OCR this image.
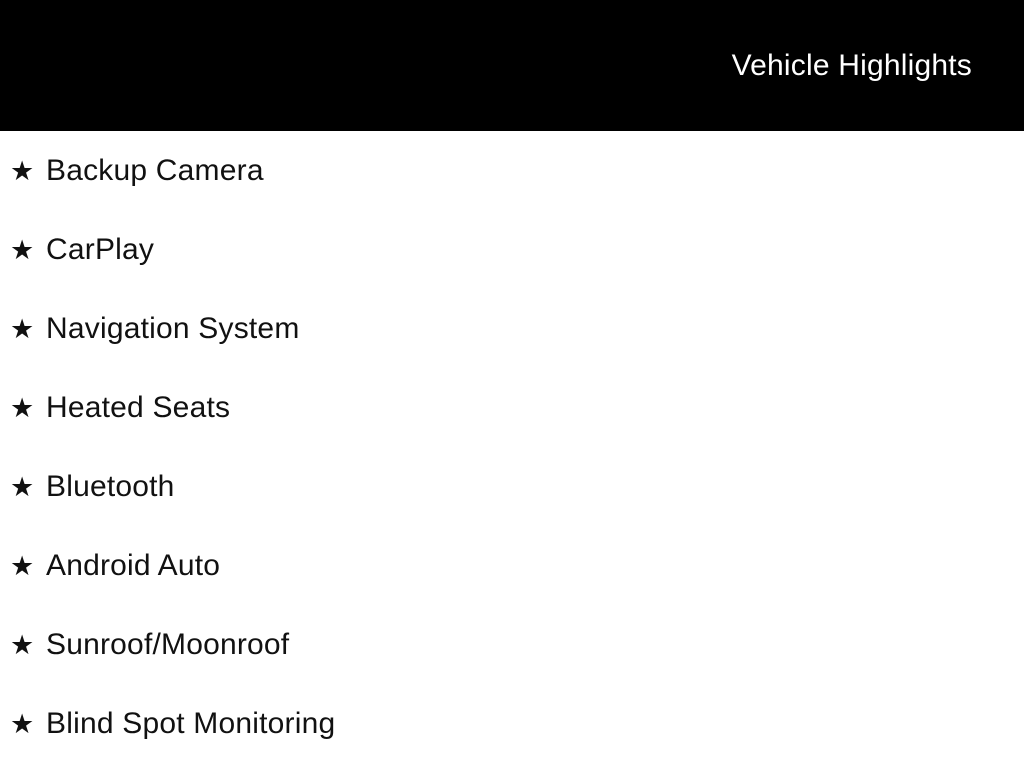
Vehicle Highlights
★ Backup Camera
★ CarPlay
★ Navigation System
★ Heated Seats
★ Bluetooth
★ Android Auto
★ Sunroof/Moonroof
★ Blind Spot Monitoring
